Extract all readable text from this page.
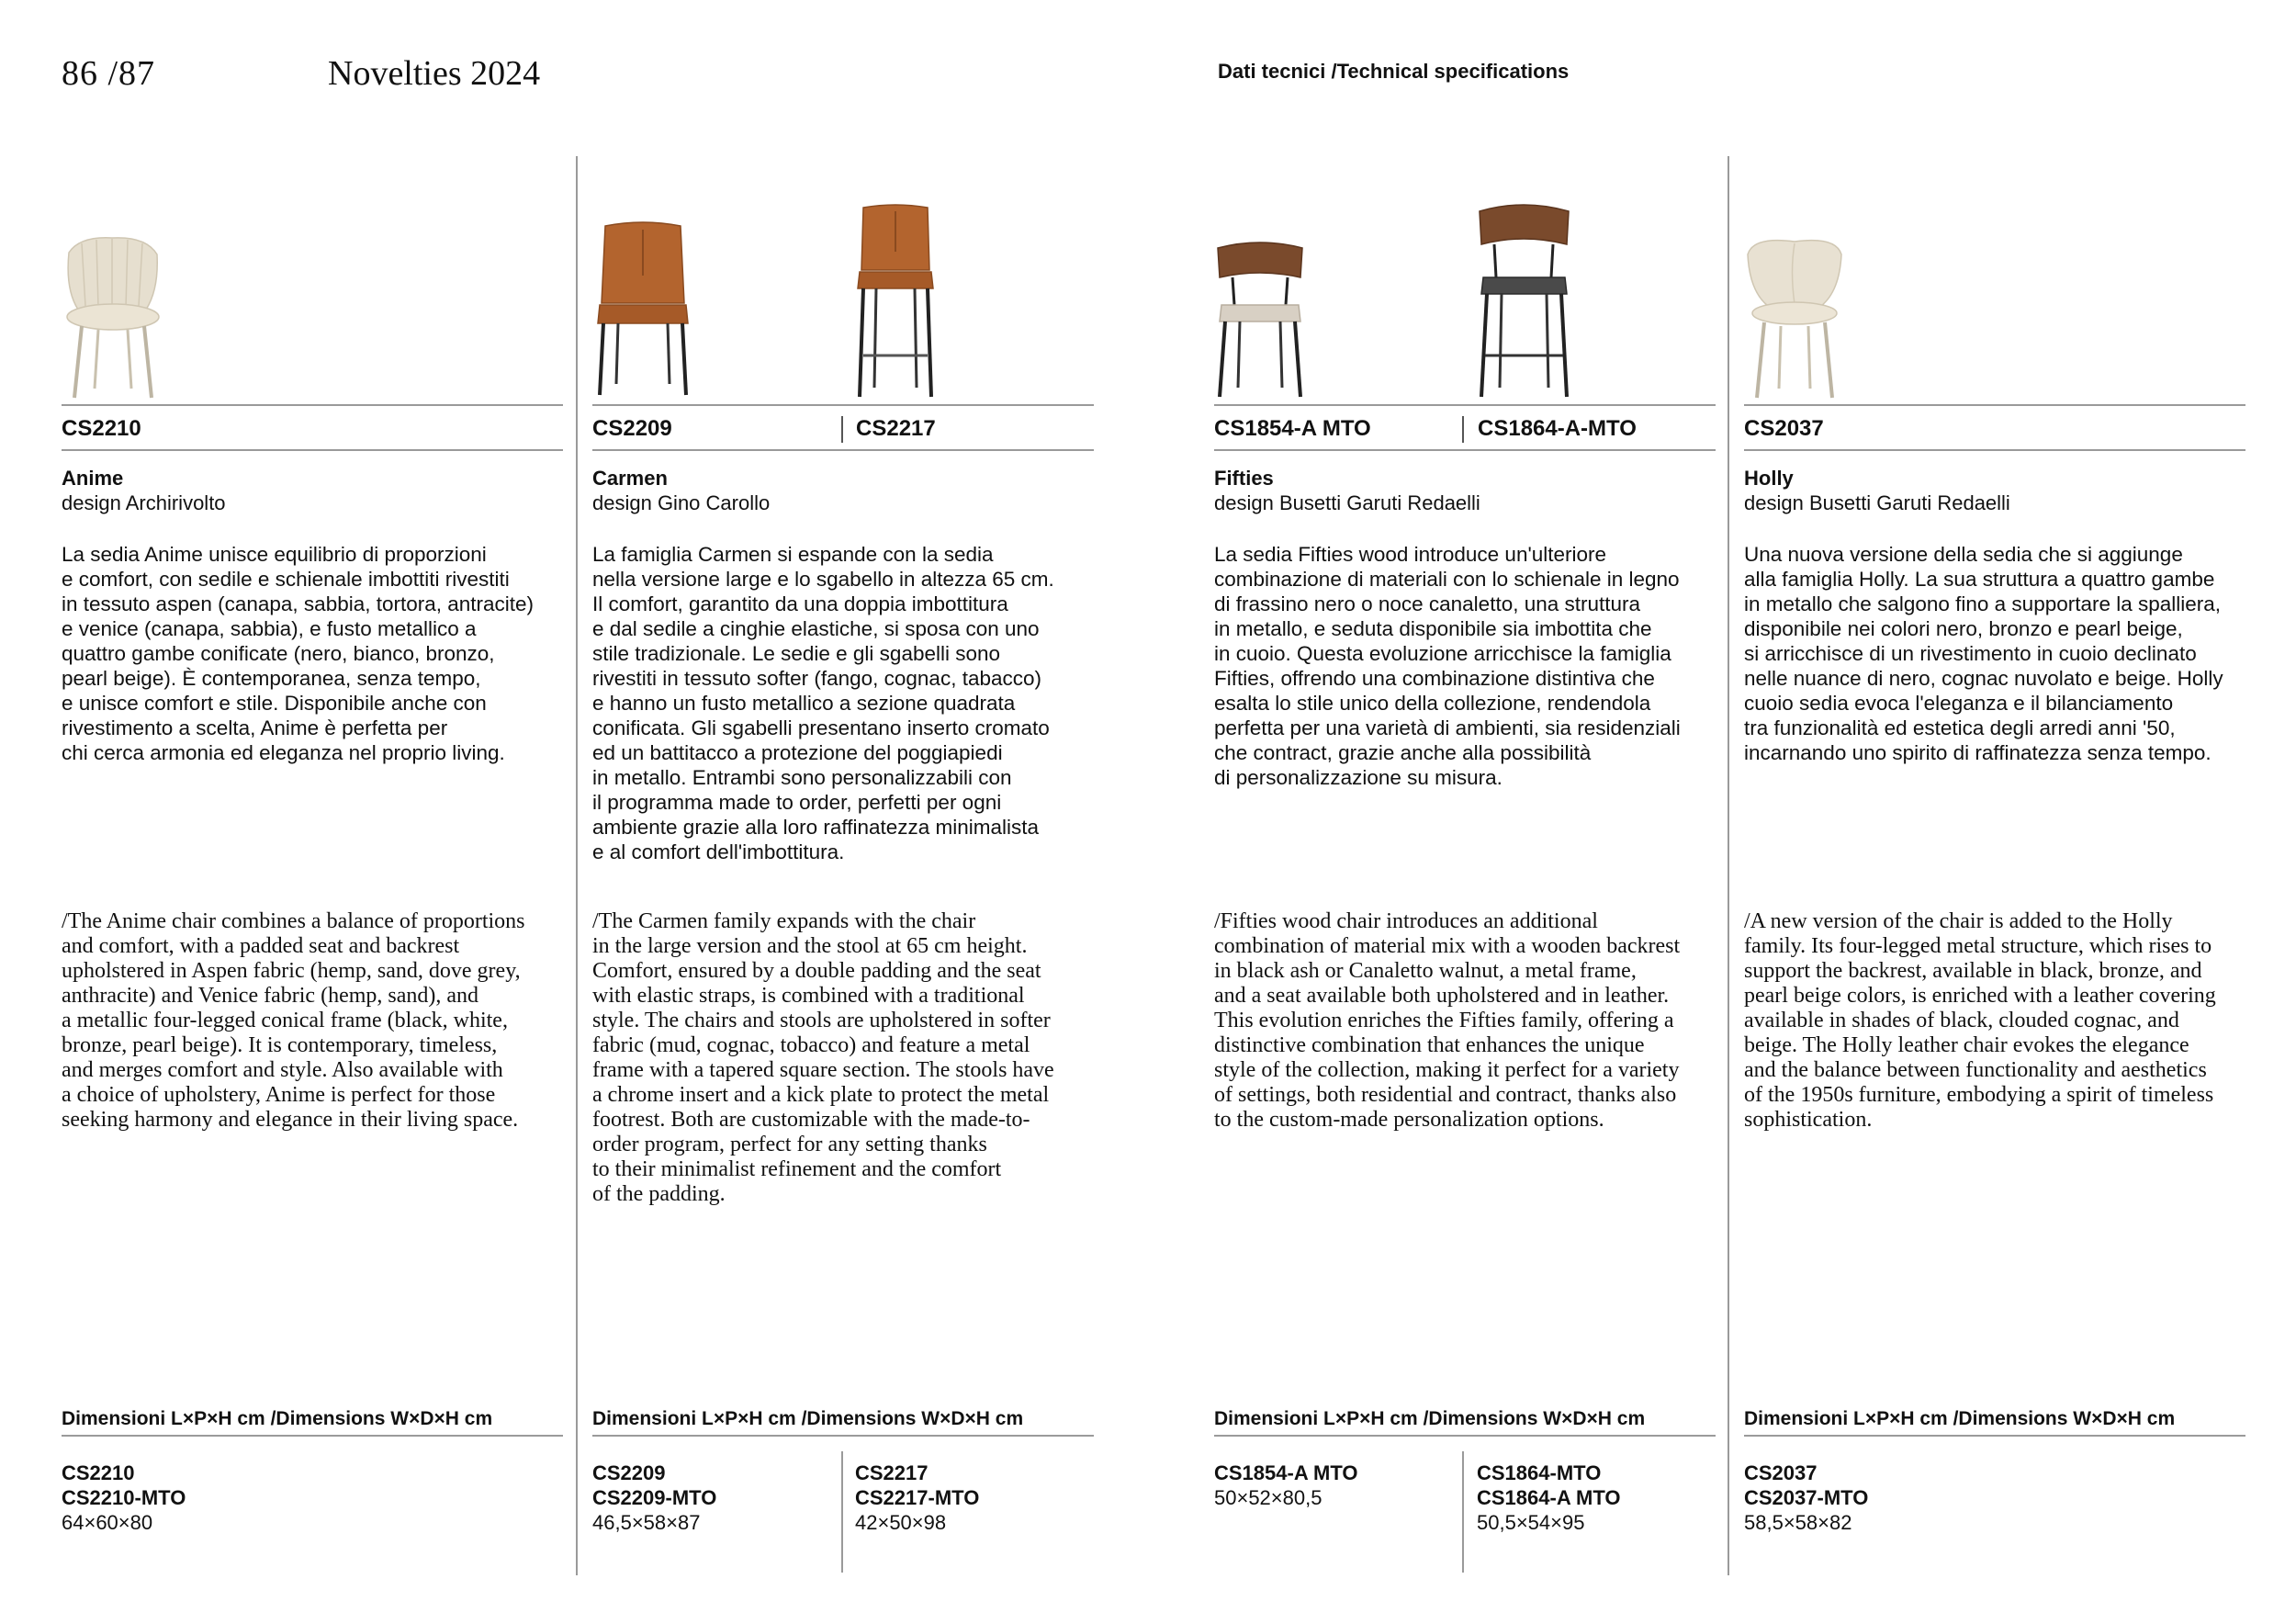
86 /87	Novelties 2024	Dati tecnici /Technical specifications
CS2210
Anime
design Archirivolto
La sedia Anime unisce equilibrio di proporzioni
e comfort, con sedile e schienale imbottiti rivestiti
in tessuto aspen (canapa, sabbia, tortora, antracite)
e venice (canapa, sabbia), e fusto metallico a
quattro gambe conificate (nero, bianco, bronzo,
pearl beige). È contemporanea, senza tempo,
e unisce comfort e stile. Disponibile anche con
rivestimento a scelta, Anime è perfetta per
chi cerca armonia ed eleganza nel proprio living.
/The Anime chair combines a balance of proportions
and comfort, with a padded seat and backrest
upholstered in Aspen fabric (hemp, sand, dove grey,
anthracite) and Venice fabric (hemp, sand), and
a metallic four-legged conical frame (black, white,
bronze, pearl beige). It is contemporary, timeless,
and merges comfort and style. Also available with
a choice of upholstery, Anime is perfect for those
seeking harmony and elegance in their living space.
Dimensioni L×P×H cm /Dimensions W×D×H cm
CS2210
CS2210-MTO
64×60×80
CS2209	CS2217
Carmen
design Gino Carollo
La famiglia Carmen si espande con la sedia
nella versione large e lo sgabello in altezza 65 cm.
Il comfort, garantito da una doppia imbottitura
e dal sedile a cinghie elastiche, si sposa con uno
stile tradizionale. Le sedie e gli sgabelli sono
rivestiti in tessuto softer (fango, cognac, tabacco)
e hanno un fusto metallico a sezione quadrata
conificata. Gli sgabelli presentano inserto cromato
ed un battitacco a protezione del poggiapiedi
in metallo. Entrambi sono personalizzabili con
il programma made to order, perfetti per ogni
ambiente grazie alla loro raffinatezza minimalista
e al comfort dell'imbottitura.
/The Carmen family expands with the chair
in the large version and the stool at 65 cm height.
Comfort, ensured by a double padding and the seat
with elastic straps, is combined with a traditional
style. The chairs and stools are upholstered in softer
fabric (mud, cognac, tobacco) and feature a metal
frame with a tapered square section. The stools have
a chrome insert and a kick plate to protect the metal
footrest. Both are customizable with the made-to-
order program, perfect for any setting thanks
to their minimalist refinement and the comfort
of the padding.
Dimensioni L×P×H cm /Dimensions W×D×H cm
CS2209
CS2209-MTO
46,5×58×87
CS2217
CS2217-MTO
42×50×98
CS1854-A MTO	CS1864-A-MTO
Fifties
design Busetti Garuti Redaelli
La sedia Fifties wood introduce un'ulteriore
combinazione di materiali con lo schienale in legno
di frassino nero o noce canaletto, una struttura
in metallo, e seduta disponibile sia imbottita che
in cuoio. Questa evoluzione arricchisce la famiglia
Fifties, offrendo una combinazione distintiva che
esalta lo stile unico della collezione, rendendola
perfetta per una varietà di ambienti, sia residenziali
che contract, grazie anche alla possibilità
di personalizzazione su misura.
/Fifties wood chair introduces an additional
combination of material mix with a wooden backrest
in black ash or Canaletto walnut, a metal frame,
and a seat available both upholstered and in leather.
This evolution enriches the Fifties family, offering a
distinctive combination that enhances the unique
style of the collection, making it perfect for a variety
of settings, both residential and contract, thanks also
to the custom-made personalization options.
Dimensioni L×P×H cm /Dimensions W×D×H cm
CS1854-A MTO
50×52×80,5
CS1864-MTO
CS1864-A MTO
50,5×54×95
CS2037
Holly
design Busetti Garuti Redaelli
Una nuova versione della sedia che si aggiunge
alla famiglia Holly. La sua struttura a quattro gambe
in metallo che salgono fino a supportare la spalliera,
disponibile nei colori nero, bronzo e pearl beige,
si arricchisce di un rivestimento in cuoio declinato
nelle nuance di nero, cognac nuvolato e beige. Holly
cuoio sedia evoca l'eleganza e il bilanciamento
tra funzionalità ed estetica degli arredi anni '50,
incarnando uno spirito di raffinatezza senza tempo.
/A new version of the chair is added to the Holly
family. Its four-legged metal structure, which rises to
support the backrest, available in black, bronze, and
pearl beige colors, is enriched with a leather covering
available in shades of black, clouded cognac, and
beige. The Holly leather chair evokes the elegance
and the balance between functionality and aesthetics
of the 1950s furniture, embodying a spirit of timeless
sophistication.
Dimensioni L×P×H cm /Dimensions W×D×H cm
CS2037
CS2037-MTO
58,5×58×82
